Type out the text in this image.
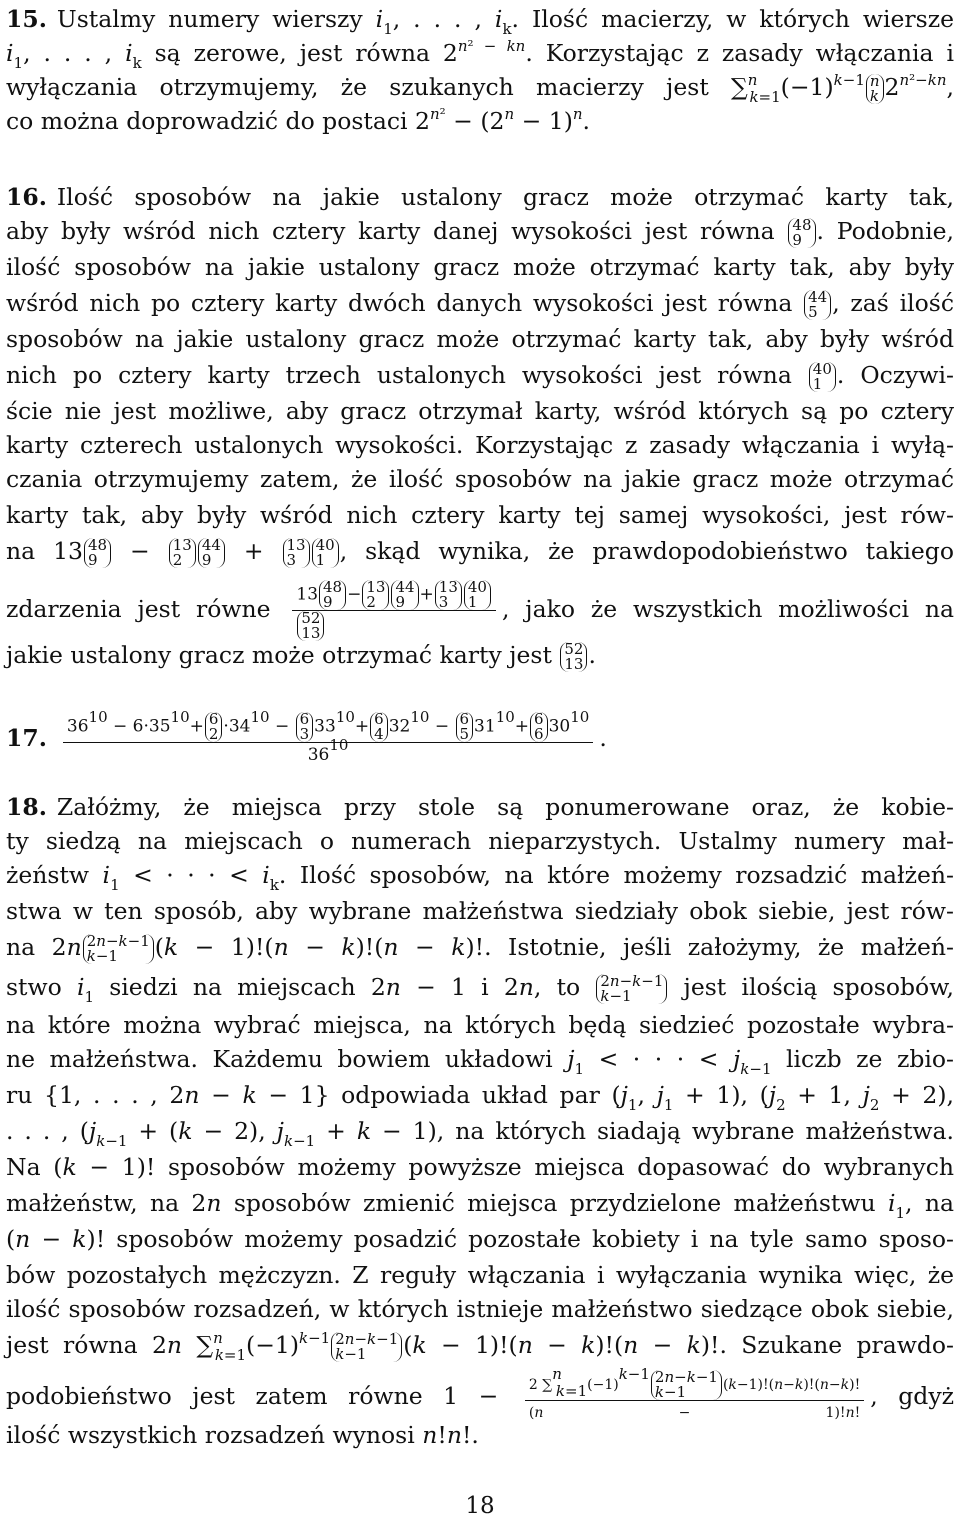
15. Ustalmy numery wierszy $i_1$, . . . , $i_k$. Ilość macierzy, w których wiersze
$i_1$, . . . , $i_k$ są zerowe, jest równa $2^{n^2 - kn}$. Korzystając z zasady włączania i
wyłączania otrzymujemy, że szukanych macierzy jest $\sum^n_{k=1}(-1)^{k-1}$ n
k $2^{n^2-kn}$,
co można doprowadzić do postaci $2^{n^2} - (2^n - 1)^n$.
16. Ilość sposobów na jakie ustalony gracz może otrzymać karty tak,
aby były wśród nich cztery karty danej wysokości jest równa 48
9 . Podobnie,
ilość sposobów na jakie ustalony gracz może otrzymać karty tak, aby były
wśród nich po cztery karty dwóch danych wysokości jest równa 44
5 , zaś ilość
sposobów na jakie ustalony gracz może otrzymać karty tak, aby były wśród
nich po cztery karty trzech ustalonych wysokości jest równa 40
1 . Oczywi-
ście nie jest możliwe, aby gracz otrzymał karty, wśród których są po cztery
karty czterech ustalonych wysokości. Korzystając z zasady włączania i wyłą-
czania otrzymujemy zatem, że ilość sposobów na jakie gracz może otrzymać
karty tak, aby były wśród nich cztery karty tej samej wysokości, jest rów-
na 13 48
9 − 13
2
44
9 + 13
3
40
1 , skąd wynika, że prawdopodobieństwo takiego
zdarzenia jest równe 13 48
9 − 13
2
44
9 + 13
3
40
1
52
13 , jako że wszystkich możliwości na
jakie ustalony gracz może otrzymać karty jest 52
13 .
17. 3610 − 6·3510+ 6
2 ·3410 − 6
3 3310+ 6
4 3210 − 6
5 3110+ 6
6 3010
3610 .
18. Załóżmy, że miejsca przy stole są ponumerowane oraz, że kobie-
ty siedzą na miejscach o numerach nieparzystych. Ustalmy numery mał-
żeństw $i_1$ < · · · < $i_k$. Ilość sposobów, na które możemy rozsadzić małżeń-
stwa w ten sposób, aby wybrane małżeństwa siedziały obok siebie, jest rów-
na 2n 2n−k−1
k−1	(k − 1)!(n − k)!(n − k)!. Istotnie, jeśli założymy, że małżeń-
stwo $i_1$ siedzi na miejscach 2n − 1 i 2n, to 2n−k−1
k−1	jest ilością sposobów,
na które można wybrać miejsca, na których będą siedzieć pozostałe wybra-
ne małżeństwa. Każdemu bowiem układowi $j_1$ < · · · < $j_{k-1}$ liczb ze zbio-
ru {1, . . . , 2n − k − 1} odpowiada układ par ($j_1$, $j_1 + 1$), ($j_2 + 1$, $j_2 + 2$),
. . . , ($j_{k-1} + (k - 2)$, $j_{k-1} + k - 1$), na których siadają wybrane małżeństwa.
Na (k − 1)! sposobów możemy powyższe miejsca dopasować do wybranych
małżeństw, na 2n sposobów zmienić miejsca przydzielone małżeństwu $i_1$, na
(n − k)! sposobów możemy posadzić pozostałe kobiety i na tyle samo sposo-
bów pozostałych mężczyzn. Z reguły włączania i wyłączania wynika więc, że
ilość sposobów rozsadzeń, w których istnieje małżeństwo siedzące obok siebie,
jest równa 2n $\sum^n_{k=1}(-1)^{k-1}$ 2n−k−1
k−1	(k − 1)!(n − k)!(n − k)!. Szukane prawdo-
podobieństwo jest zatem równe 1 − 2 ∑nk=1(−1)k−1 2n−k−1
k−1	(k−1)!(n−k)!(n−k)!
(n − 1)!n! , gdyż
ilość wszystkich rozsadzeń wynosi n!n!.
18
